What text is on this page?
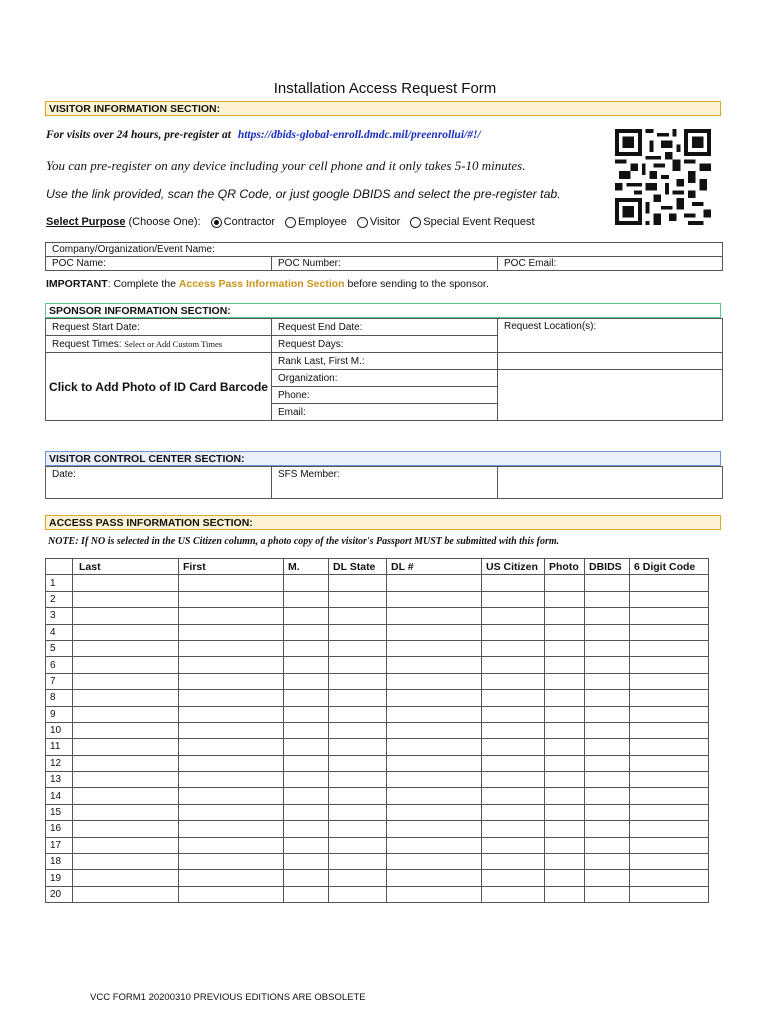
Installation Access Request Form
VISITOR INFORMATION SECTION:
For visits over 24 hours, pre-register at https://dbids-global-enroll.dmdc.mil/preenrollui/#!/
You can pre-register on any device including your cell phone and it only takes 5-10 minutes.
Use the link provided, scan the QR Code, or just google DBIDS and select the pre-register tab.
Select Purpose (Choose One): Contractor Employee Visitor Special Event Request
Company/Organization/Event Name:
POC Name:	POC Number:	POC Email:
IMPORTANT: Complete the Access Pass Information Section before sending to the sponsor.
SPONSOR INFORMATION SECTION:
Request Start Date:	Request End Date:	Request Location(s):
Request Times: Select or Add Custom Times	Request Days:	
Click to Add Photo of ID Card Barcode	Rank Last, First M.:	
	Organization:	
	Phone:	
	Email:	
VISITOR CONTROL CENTER SECTION:
Date:	SFS Member:	
ACCESS PASS INFORMATION SECTION:
NOTE: If NO is selected in the US Citizen column, a photo copy of the visitor's Passport MUST be submitted with this form.
	Last	First	M.	DL State	DL #	US Citizen	Photo	DBIDS	6 Digit Code
1									
2									
3									
4									
5									
6									
7									
8									
9									
10									
11									
12									
13									
14									
15									
16									
17									
18									
19									
20									
VCC FORM1 20200310 PREVIOUS EDITIONS ARE OBSOLETE
